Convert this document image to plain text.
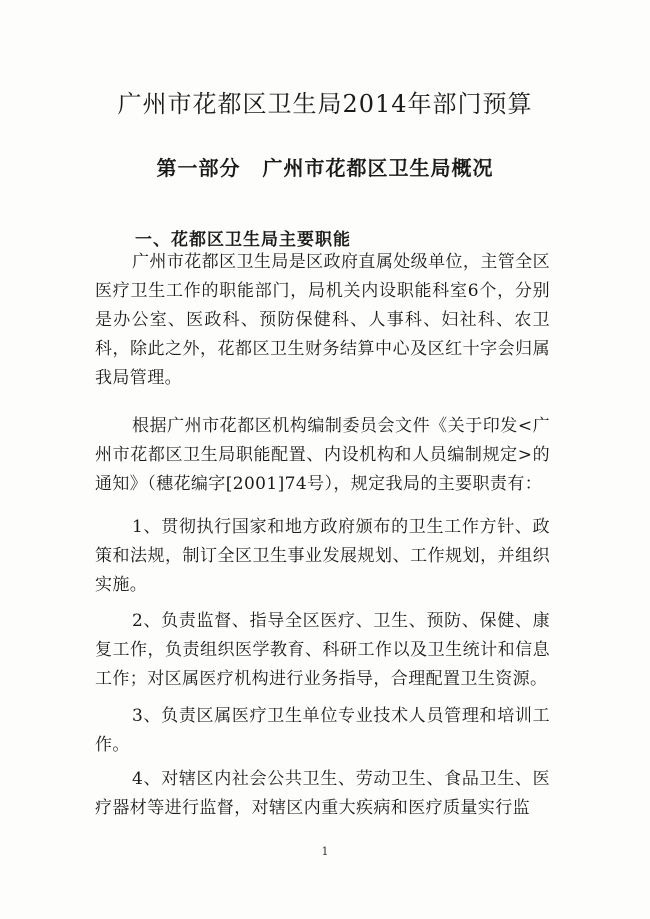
广州市花都区卫生局2014年部门预算
第一部分 广州市花都区卫生局概况
一、花都区卫生局主要职能

广州市花都区卫生局是区政府直属处级单位，主管全区医疗卫生工作的职能部门，局机关内设职能科室6个，分别是办公室、医政科、预防保健科、人事科、妇社科、农卫科，除此之外，花都区卫生财务结算中心及区红十字会归属我局管理。

根据广州市花都区机构编制委员会文件《关于印发<广州市花都区卫生局职能配置、内设机构和人员编制规定>的通知》（穗花编字[2001]74号），规定我局的主要职责有：

1、贯彻执行国家和地方政府颁布的卫生工作方针、政策和法规，制订全区卫生事业发展规划、工作规划，并组织实施。

2、负责监督、指导全区医疗、卫生、预防、保健、康复工作，负责组织医学教育、科研工作以及卫生统计和信息工作；对区属医疗机构进行业务指导，合理配置卫生资源。

3、负责区属医疗卫生单位专业技术人员管理和培训工作。

4、对辖区内社会公共卫生、劳动卫生、食品卫生、医疗器材等进行监督，对辖区内重大疾病和医疗质量实行监

1
